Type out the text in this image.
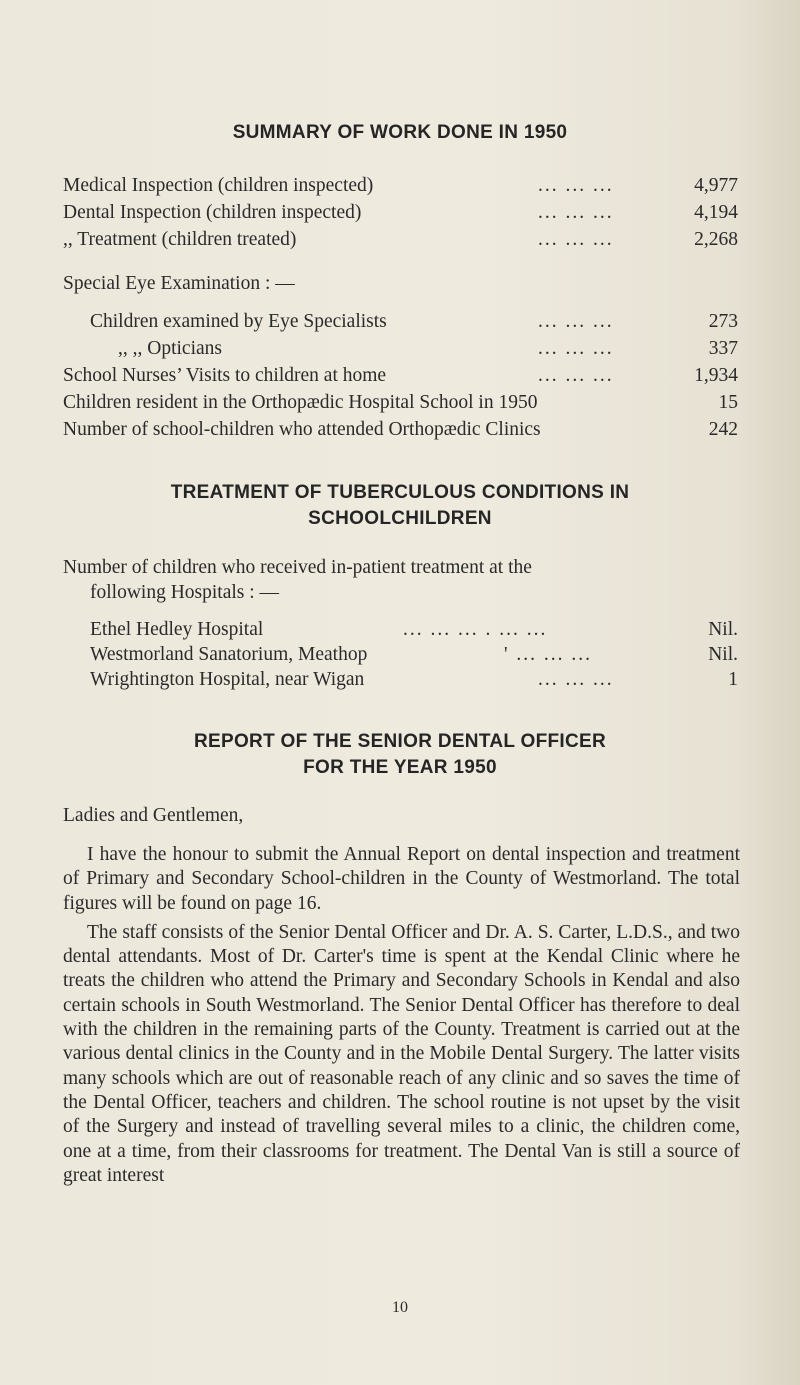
SUMMARY OF WORK DONE IN 1950
Medical Inspection (children inspected)	... ... ...	4,977
Dental Inspection (children inspected)	... ... ...	4,194
,, Treatment (children treated)	... ... ...	2,268
Special Eye Examination : —
Children examined by Eye Specialists	... ... ...	273
,, ,, Opticians	... ... ...	337
School Nurses’ Visits to children at home	... ... ...	1,934
Children resident in the Orthopædic Hospital School in 1950	15
Number of school-children who attended Orthopædic Clinics	242
TREATMENT OF TUBERCULOUS CONDITIONS IN
SCHOOLCHILDREN
Number of children who received in-patient treatment at the
following Hospitals : —
Ethel Hedley Hospital	... ... ... . ... ...	Nil.
Westmorland Sanatorium, Meathop	' ... ... ...	Nil.
Wrightington Hospital, near Wigan	... ... ...	1
REPORT OF THE SENIOR DENTAL OFFICER
FOR THE YEAR 1950
Ladies and Gentlemen,

I have the honour to submit the Annual Report on dental inspection and treatment of Primary and Secondary School-children in the County of Westmorland. The total figures will be found on page 16.

The staff consists of the Senior Dental Officer and Dr. A. S. Carter, L.D.S., and two dental attendants. Most of Dr. Carter's time is spent at the Kendal Clinic where he treats the children who attend the Primary and Secondary Schools in Kendal and also certain schools in South Westmorland. The Senior Dental Officer has therefore to deal with the children in the remaining parts of the County. Treatment is carried out at the various dental clinics in the County and in the Mobile Dental Surgery. The latter visits many schools which are out of reasonable reach of any clinic and so saves the time of the Dental Officer, teachers and children. The school routine is not upset by the visit of the Surgery and instead of travelling several miles to a clinic, the children come, one at a time, from their classrooms for treatment. The Dental Van is still a source of great interest

10
